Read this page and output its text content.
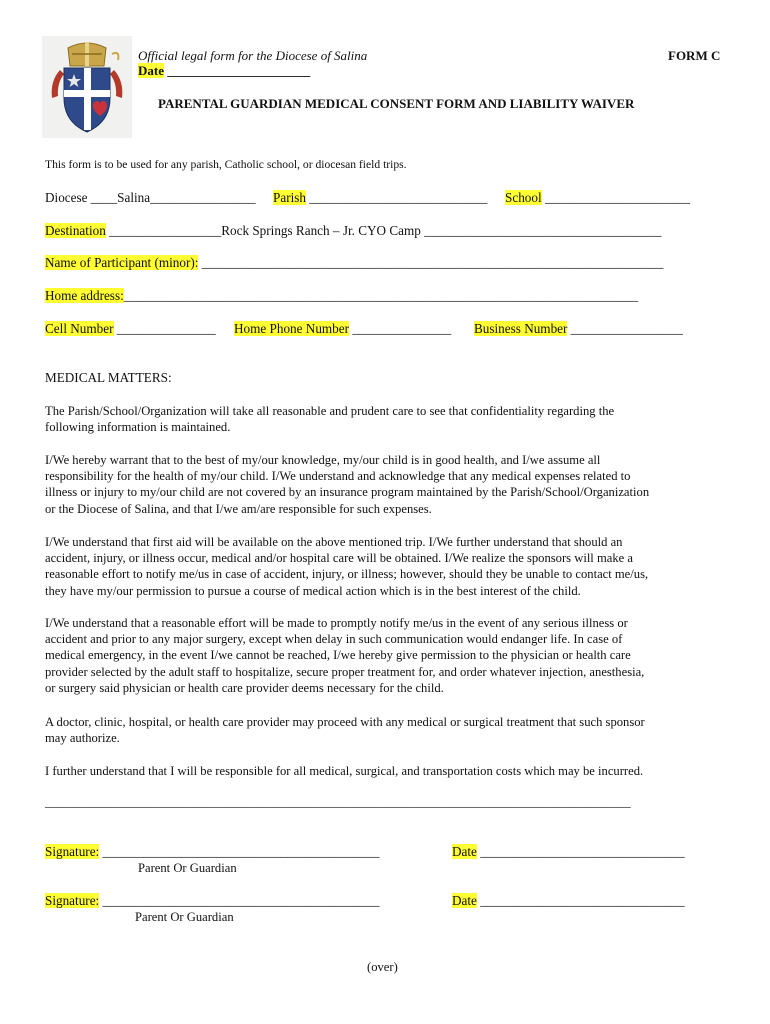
Official legal form for the Diocese of Salina
Date ______________________
FORM C
PARENTAL GUARDIAN MEDICAL CONSENT FORM AND LIABILITY WAIVER
This form is to be used for any parish, Catholic school, or diocesan field trips.
Diocese ____Salina________________ Parish ___________________________ School ______________________
Destination _________________Rock Springs Ranch – Jr. CYO Camp ____________________________________
Name of Participant (minor): ______________________________________________________________________
Home address:______________________________________________________________________________
Cell Number _______________ Home Phone Number _______________ Business Number _________________
MEDICAL MATTERS:

The Parish/School/Organization will take all reasonable and prudent care to see that confidentiality regarding the

following information is maintained.

I/We hereby warrant that to the best of my/our knowledge, my/our child is in good health, and I/we assume all

responsibility for the health of my/our child. I/We understand and acknowledge that any medical expenses related to

illness or injury to my/our child are not covered by an insurance program maintained by the Parish/School/Organization

or the Diocese of Salina, and that I/we am/are responsible for such expenses.

I/We understand that first aid will be available on the above mentioned trip. I/We further understand that should an

accident, injury, or illness occur, medical and/or hospital care will be obtained. I/We realize the sponsors will make a

reasonable effort to notify me/us in case of accident, injury, or illness; however, should they be unable to contact me/us,

they have my/our permission to pursue a course of medical action which is in the best interest of the child.

I/We understand that a reasonable effort will be made to promptly notify me/us in the event of any serious illness or

accident and prior to any major surgery, except when delay in such communication would endanger life. In case of

medical emergency, in the event I/we cannot be reached, I/we hereby give permission to the physician or health care

provider selected by the adult staff to hospitalize, secure proper treatment for, and order whatever injection, anesthesia,

or surgery said physician or health care provider deems necessary for the child.

A doctor, clinic, hospital, or health care provider may proceed with any medical or surgical treatment that such sponsor

may authorize.

I further understand that I will be responsible for all medical, surgical, and transportation costs which may be incurred.

_____________________________________________________________________________________________
Signature: __________________________________________
Parent Or Guardian
Date _______________________________
Signature: __________________________________________
Parent Or Guardian
Date _______________________________
(over)
